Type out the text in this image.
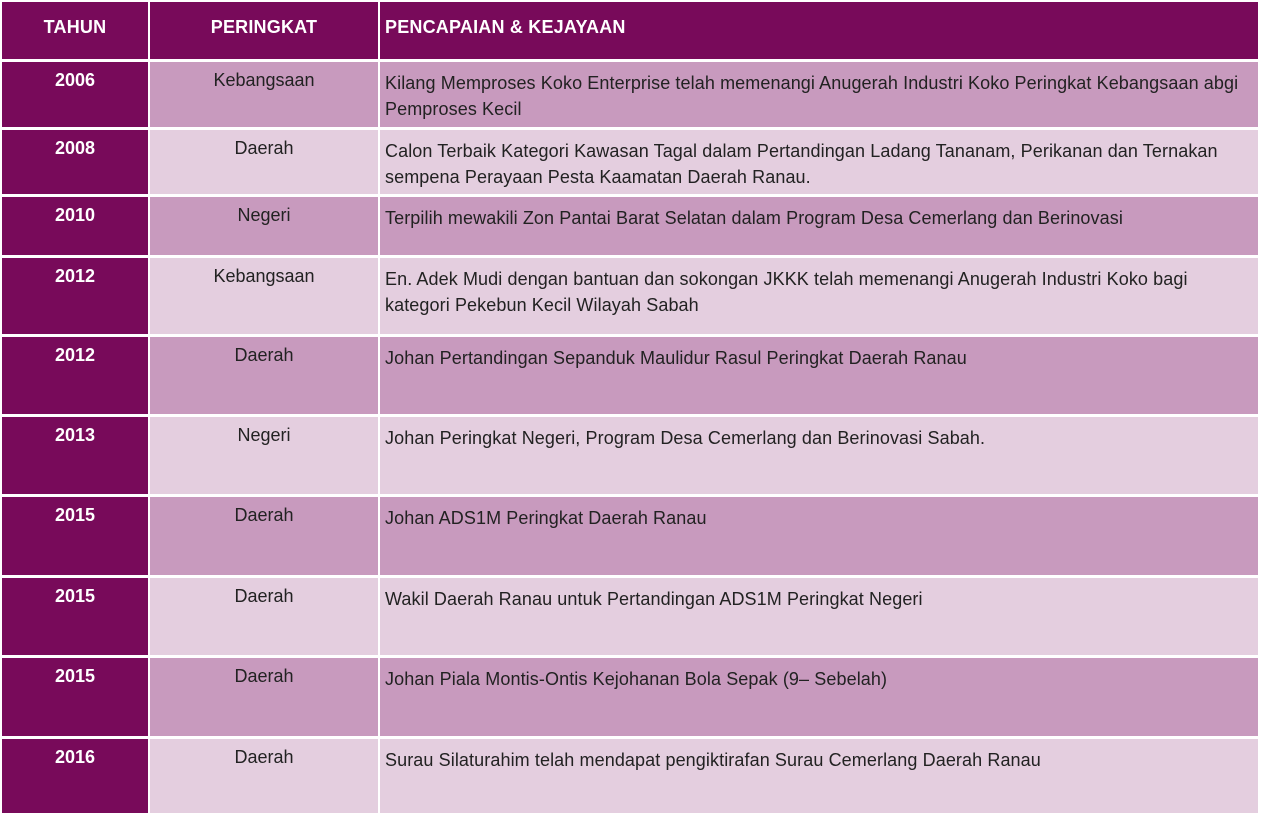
TAHUN	PERINGKAT	PENCAPAIAN & KEJAYAAN
2006	Kebangsaan	Kilang Memproses Koko Enterprise telah memenangi Anugerah Industri Koko Peringkat Kebangsaan abgi Pemproses Kecil
2008	Daerah	Calon Terbaik Kategori Kawasan Tagal dalam Pertandingan Ladang Tananam, Perikanan dan Ternakan sempena Perayaan Pesta Kaamatan Daerah Ranau.
2010	Negeri	Terpilih mewakili Zon Pantai Barat Selatan dalam Program Desa Cemerlang dan Berinovasi
2012	Kebangsaan	En. Adek Mudi dengan bantuan dan sokongan JKKK telah memenangi Anugerah Industri Koko bagi kategori Pekebun Kecil Wilayah Sabah
2012	Daerah	Johan Pertandingan Sepanduk Maulidur Rasul Peringkat Daerah Ranau
2013	Negeri	Johan Peringkat Negeri, Program Desa Cemerlang dan Berinovasi Sabah.
2015	Daerah	Johan ADS1M Peringkat Daerah Ranau
2015	Daerah	Wakil Daerah Ranau untuk Pertandingan ADS1M Peringkat Negeri
2015	Daerah	Johan Piala Montis-Ontis Kejohanan Bola Sepak (9– Sebelah)
2016	Daerah	Surau Silaturahim telah mendapat pengiktirafan Surau Cemerlang Daerah Ranau
